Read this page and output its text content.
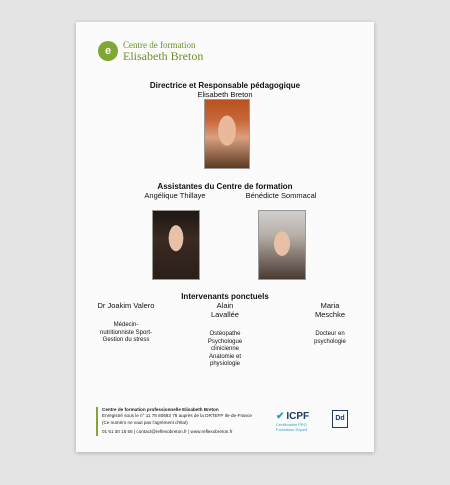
e	Centre de formation
Elisabeth Breton
Directrice et Responsable pédagogique
Elisabeth Breton
Assistantes du Centre de formation
Angélique Thillaye	Bénédicte Sommacal
Intervenants ponctuels
Dr Joakim Valero
Médecin-nutritionniste Sport-Gestion du stress
Alain Lavallée
Ostéopathe Psychologue clinicienne Anatomie et physiologie
Maria Meschke
Docteur en psychologie
Centre de formation professionnelle Elisabeth Breton
Enregistré sous le n° 11 78 80683 78 auprès de la DRTEFP Ile-de-France
(Ce numéro ne vaut pas l'agrément d'état)
01 61 30 15 56 | contact@reflexobreton.fr | www.reflexobreton.fr
✔ ICPF
Certification PRO
Formateur Expert
Dd
